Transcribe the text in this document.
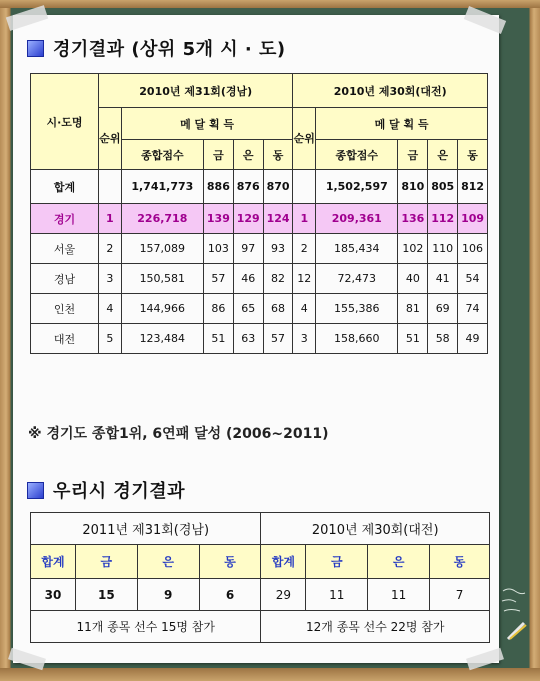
경기결과 (상위 5개 시 · 도)
시·도명	2010년 제31회(경남)					2010년 제30회(대전)				
	순위	메 달 획 득				순위	메 달 획 득			
		종합점수	금	은	동		종합점수	금	은	동
합계		1,741,773	886	876	870		1,502,597	810	805	812
경기	1	226,718	139	129	124	1	209,361	136	112	109
서울	2	157,089	103	97	93	2	185,434	102	110	106
경남	3	150,581	57	46	82	12	72,473	40	41	54
인천	4	144,966	86	65	68	4	155,386	81	69	74
대전	5	123,484	51	63	57	3	158,660	51	58	49
※ 경기도 종합1위, 6연패 달성 (2006~2011)
우리시 경기결과
2011년 제31회(경남)				2010년 제30회(대전)			
합계	금	은	동	합계	금	은	동
30	15	9	6	29	11	11	7
11개 종목 선수 15명 참가				12개 종목 선수 22명 참가			
